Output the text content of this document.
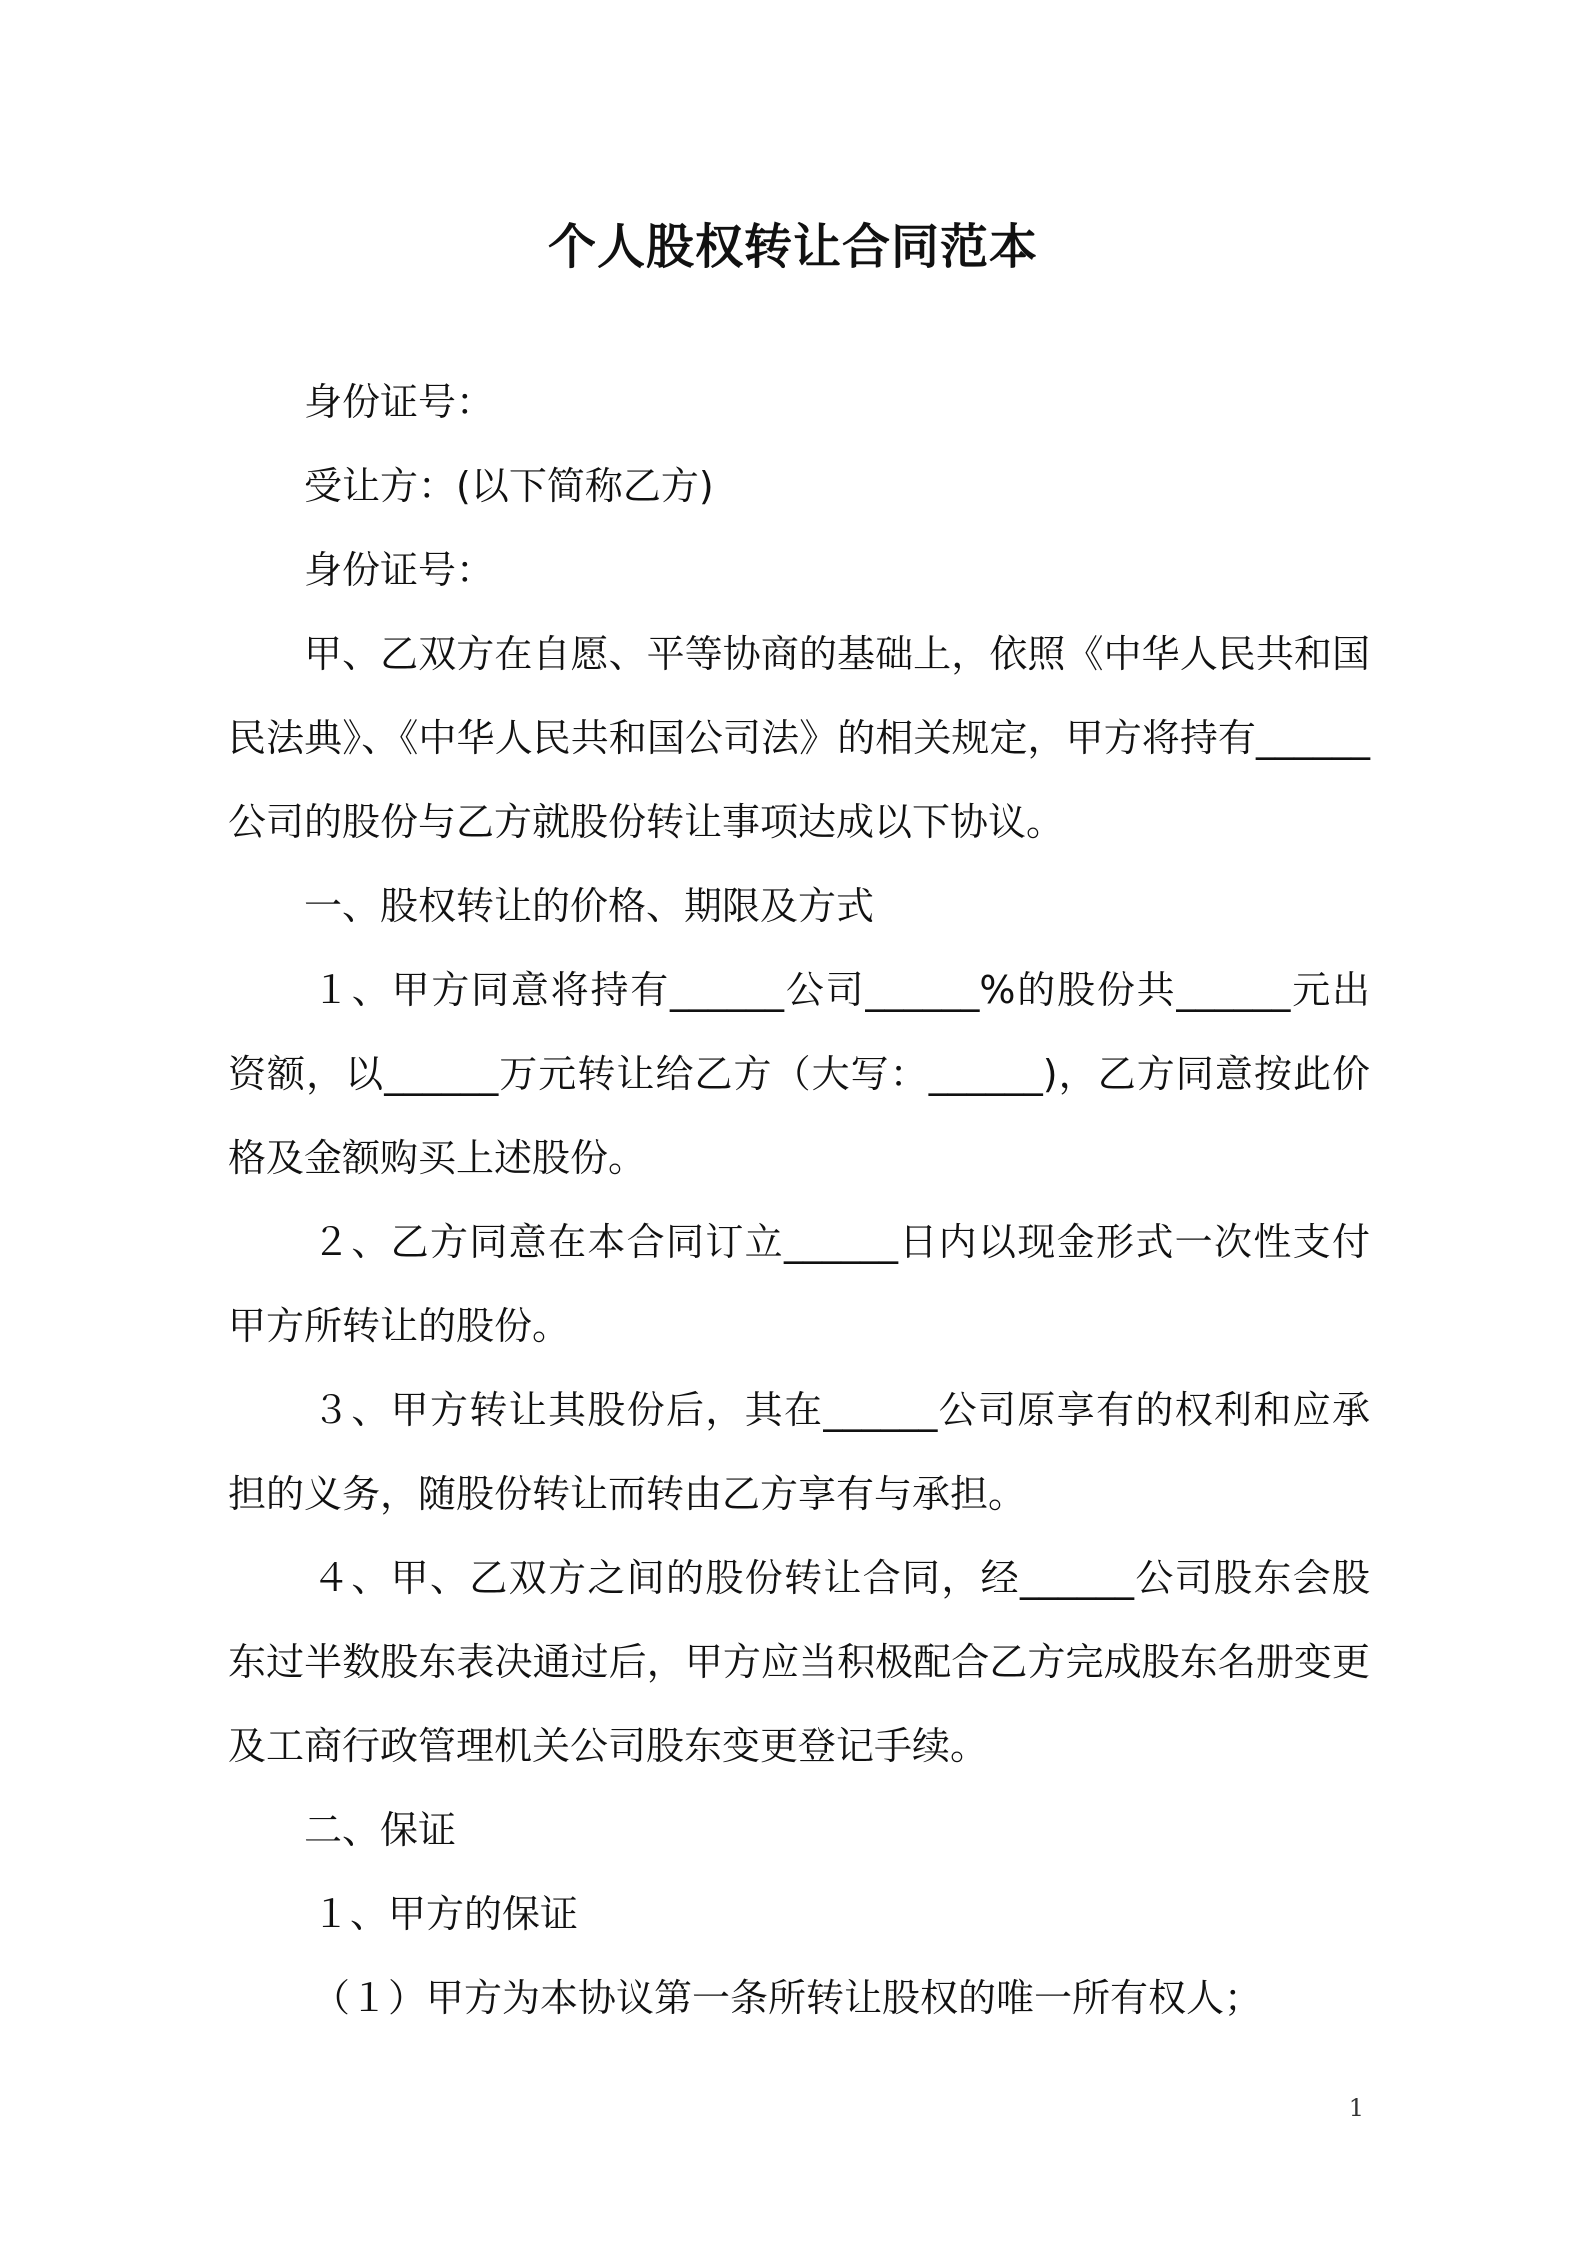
个人股权转让合同范本

身份证号：

受让方：(以下简称乙方)

身份证号：

甲、乙双方在自愿、平等协商的基础上，依照《中华人民共和国民法典》、《中华人民共和国公司法》的相关规定，甲方将持有______公司的股份与乙方就股份转让事项达成以下协议。

一、股权转让的价格、期限及方式

１、甲方同意将持有______公司______%的股份共______元出资额，以______万元转让给乙方（大写：______)，乙方同意按此价格及金额购买上述股份。

２、乙方同意在本合同订立______日内以现金形式一次性支付甲方所转让的股份。

３、甲方转让其股份后，其在______公司原享有的权利和应承担的义务，随股份转让而转由乙方享有与承担。

４、甲、乙双方之间的股份转让合同，经______公司股东会股东过半数股东表决通过后，甲方应当积极配合乙方完成股东名册变更及工商行政管理机关公司股东变更登记手续。

二、保证

１、甲方的保证

（１）甲方为本协议第一条所转让股权的唯一所有权人；

1
